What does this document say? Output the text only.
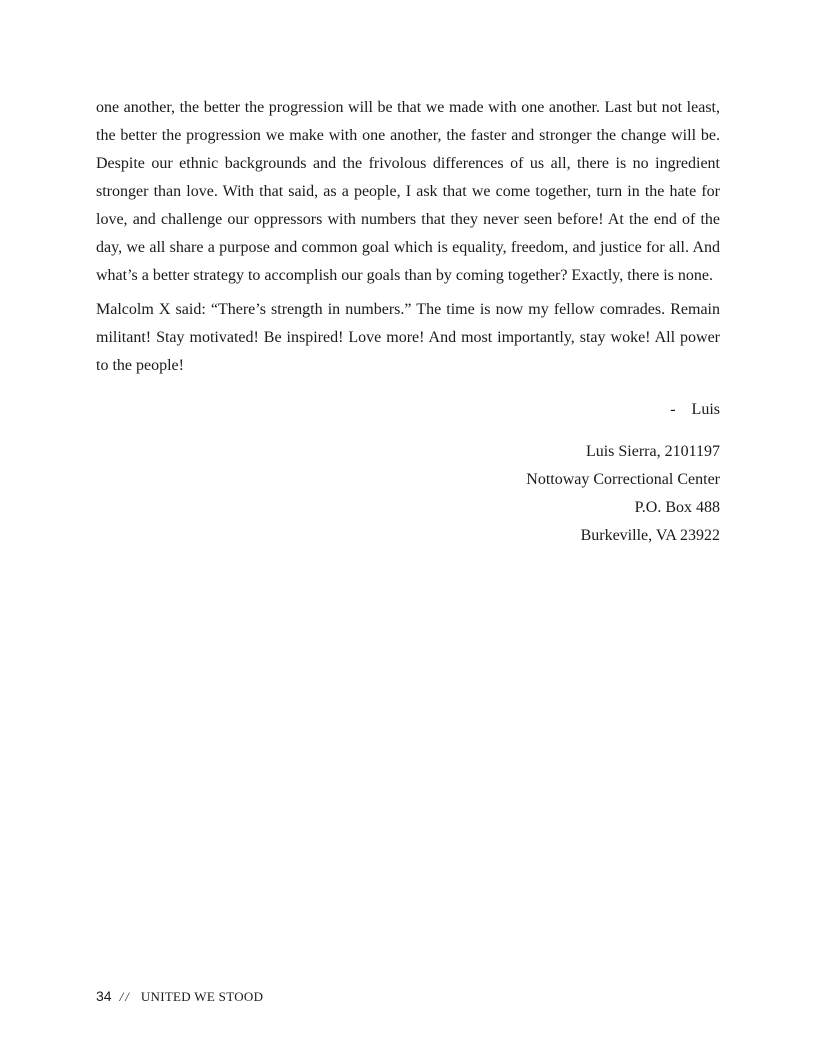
one another, the better the progression will be that we made with one another. Last but not least, the better the progression we make with one another, the faster and stronger the change will be. Despite our ethnic backgrounds and the frivolous differences of us all, there is no ingredient stronger than love. With that said, as a people, I ask that we come together, turn in the hate for love, and challenge our oppressors with numbers that they never seen before! At the end of the day, we all share a purpose and common goal which is equality, freedom, and justice for all. And what’s a better strategy to accomplish our goals than by coming together? Exactly, there is none.

Malcolm X said: “There’s strength in numbers.” The time is now my fellow comrades. Remain militant! Stay motivated! Be inspired! Love more! And most importantly, stay woke! All power to the people!

-    Luis

Luis Sierra, 2101197
Nottoway Correctional Center
P.O. Box 488
Burkeville, VA 23922
34 // UNITED WE STOOD
